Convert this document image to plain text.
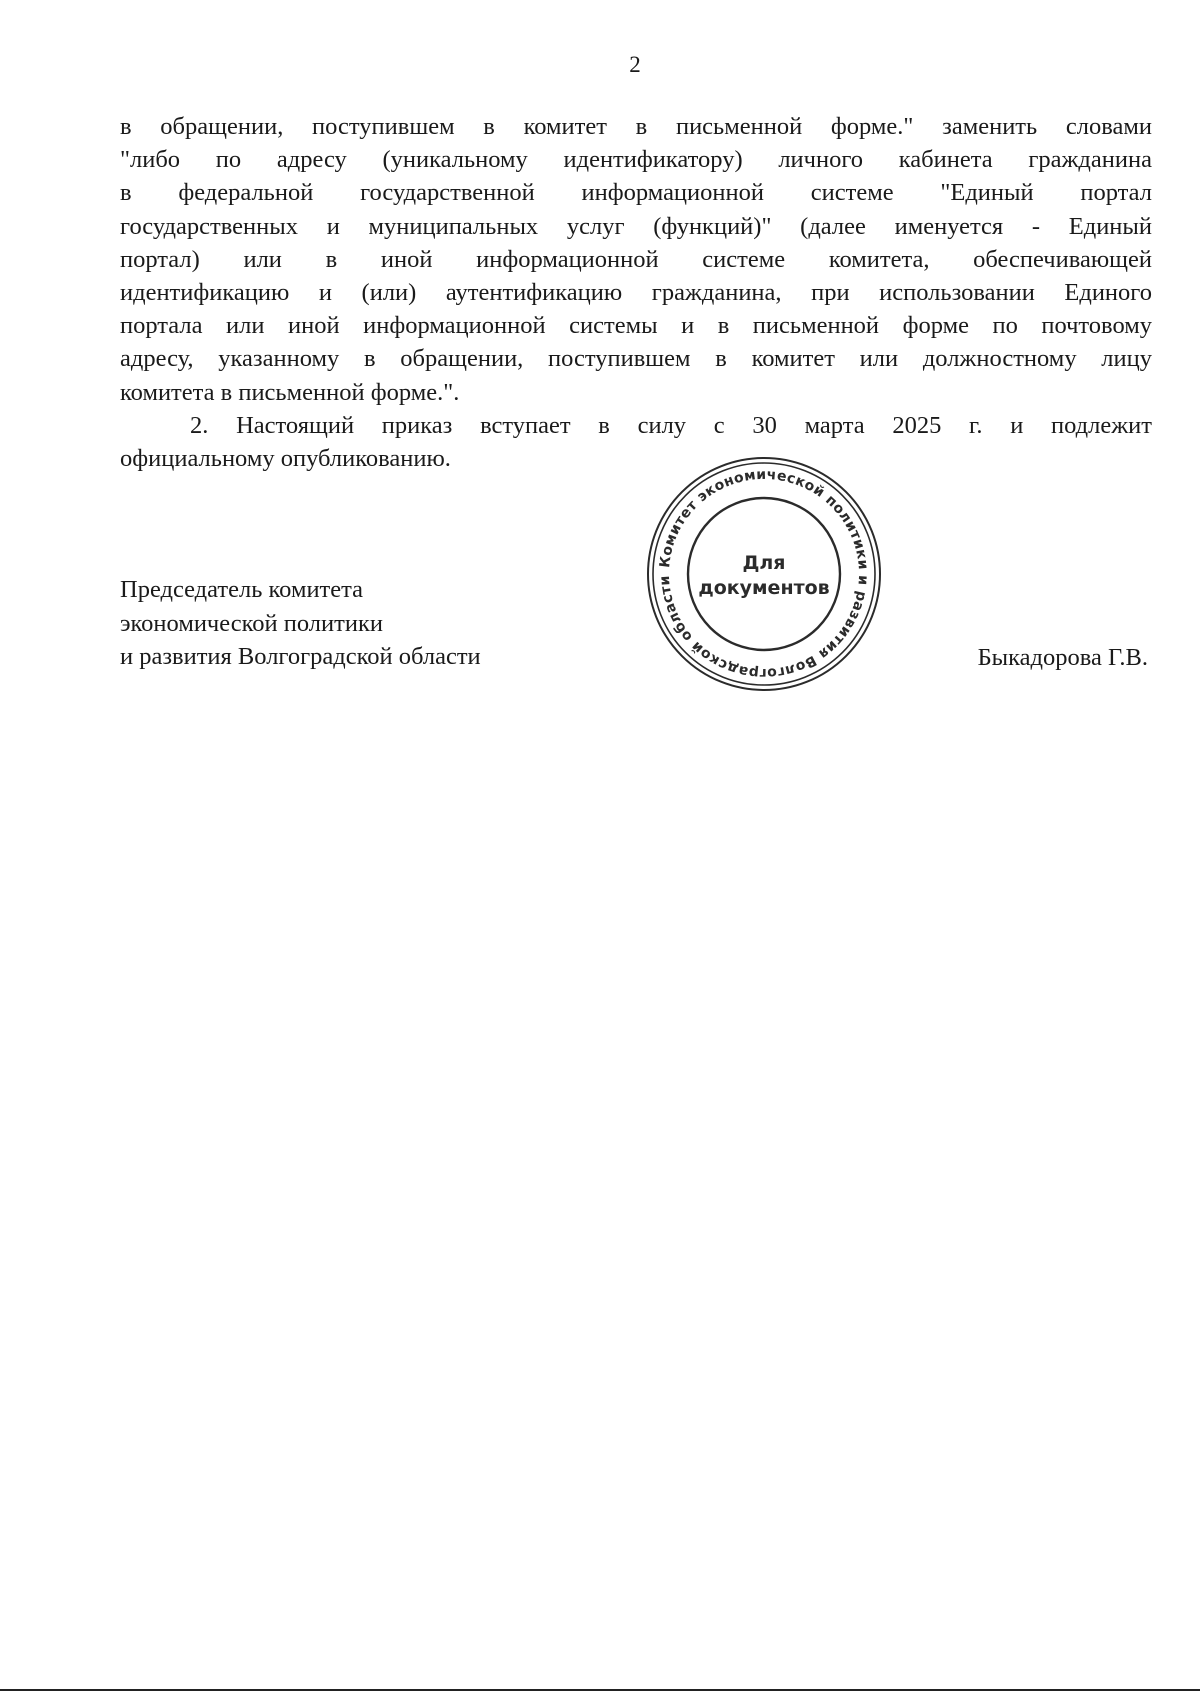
2
в обращении, поступившем в комитет в письменной форме." заменить словами
"либо по адресу (уникальному идентификатору) личного кабинета гражданина
в федеральной государственной информационной системе "Единый портал
государственных и муниципальных услуг (функций)" (далее именуется - Единый
портал) или в иной информационной системе комитета, обеспечивающей
идентификацию и (или) аутентификацию гражданина, при использовании Единого
портала или иной информационной системы и в письменной форме по почтовому
адресу, указанному в обращении, поступившем в комитет или должностному лицу
комитета в письменной форме.".
2. Настоящий приказ вступает в силу с 30 марта 2025 г. и подлежит
официальному опубликованию.
Председатель комитета
экономической политики
и развития Волгоградской области	Быкадорова Г.В.
Комитет экономической политики и развития Волгоградской области
Для
документов
